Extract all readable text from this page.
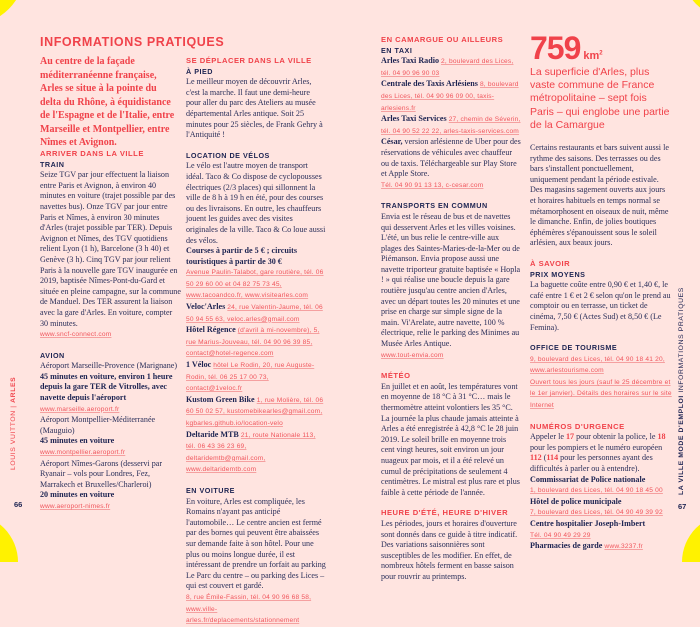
INFORMATIONS PRATIQUES
Au centre de la façade méditerranéenne française, Arles se situe à la pointe du delta du Rhône, à équidistance de l'Espagne et de l'Italie, entre Marseille et Montpellier, entre Nîmes et Avignon.

ARRIVER DANS LA VILLE

TRAIN

Seize TGV par jour effectuent la liaison entre Paris et Avignon, à environ 40 minutes en voiture (trajet possible par des navettes bus). Onze TGV par jour entre Paris et Nîmes, à environ 30 minutes d'Arles (trajet possible par TER). Depuis Avignon et Nîmes, des TGV quotidiens relient Lyon (1 h), Barcelone (3 h 40) et Genève (3 h). Cinq TGV par jour relient Paris à la nouvelle gare TGV inaugurée en 2019, baptisée Nîmes-Pont-du-Gard et située en pleine campagne, sur la commune de Manduel. Des TER assurent la liaison avec la gare d'Arles. En voiture, compter 30 minutes.

www.sncf-connect.com

AVION

Aéroport Marseille-Provence (Marignane)

45 minutes en voiture, environ 1 heure depuis la gare TER de Vitrolles, avec navette depuis l'aéroport

www.marseille.aeroport.fr

Aéroport Montpellier-Méditerranée (Mauguio)

45 minutes en voiture

www.montpellier.aeroport.fr

Aéroport Nîmes-Garons (desservi par Ryanair – vols pour Londres, Fez, Marrakech et Bruxelles/Charleroi)

20 minutes en voiture

www.aeroport-nimes.fr

SE DÉPLACER DANS LA VILLE

À PIED

Le meilleur moyen de découvrir Arles, c'est la marche. Il faut une demi-heure pour aller du parc des Ateliers au musée départemental Arles antique. Soit 25 minutes pour 25 siècles, de Frank Gehry à l'Antiquité !

LOCATION DE VÉLOS

Le vélo est l'autre moyen de transport idéal. Taco & Co dispose de cyclopousses électriques (2/3 places) qui sillonnent la ville de 8 h à 19 h en été, pour des courses ou des livraisons. En outre, les chauffeurs jouent les guides avec des visites originales de la ville. Taco & Co loue aussi des vélos.

Courses à partir de 5 € ; circuits touristiques à partir de 30 €

Avenue Paulin-Talabot, gare routière, tél. 06 50 29 60 00 et 04 82 75 73 45, www.tacoandco.fr, www.visitearles.com

Veloc'Arles 24, rue Valentin-Jaume, tél. 06 50 94 55 63, veloc.arles@gmail.com

Hôtel Régence (d'avril à mi-novembre), 5, rue Marius-Jouveau, tél. 04 90 96 39 85, contact@hotel-regence.com

1 Véloc hôtel Le Rodin, 20, rue Auguste-Rodin, tél. 06 25 17 00 73, contact@1veloc.fr

Kustom Green Bike 1, rue Molière, tél. 06 60 50 02 57, kustomebikearles@gmail.com, kgbarles.github.io/location-velo

Deltaride MTB 21, route Nationale 113, tél. 06 43 36 23 69, deltaridemtb@gmail.com, www.deltaridemtb.com

EN VOITURE

En voiture, Arles est compliquée, les Romains n'ayant pas anticipé l'automobile… Le centre ancien est fermé par des bornes qui peuvent être abaissées sur demande faite à son hôtel. Pour une plus ou moins longue durée, il est intéressant de prendre un forfait au parking Le Parc du centre – ou parking des Lices – qui est couvert et gardé.

8, rue Émile-Fassin, tél. 04 90 96 68 58, www.ville-arles.fr/deplacements/stationnement

LOUIS VUITTON | ARLES
66

EN CAMARGUE OU AILLEURS

EN TAXI

Arles Taxi Radio 2, boulevard des Lices, tél. 04 90 96 90 03

Centrale des Taxis Arlésiens 8, boulevard des Lices, tél. 04 90 96 09 00, taxis-arlesiens.fr

Arles Taxi Services 27, chemin de Séverin, tél. 04 90 52 22 22, arles-taxis-services.com

César, version arlésienne de Uber pour des réservations de véhicules avec chauffeur ou de taxis. Téléchargeable sur Play Store et Apple Store.

Tél. 04 90 91 13 13, c-cesar.com

TRANSPORTS EN COMMUN

Envia est le réseau de bus et de navettes qui desservent Arles et les villes voisines. L'été, un bus relie le centre-ville aux plages des Saintes-Maries-de-la-Mer ou de Piémanson. Envia propose aussi une navette triporteur gratuite baptisée « Hopla ! » qui réalise une boucle depuis la gare routière jusqu'au centre ancien d'Arles, avec un départ toutes les 20 minutes et une prise en charge sur simple signe de la main. Vi'Arelate, autre navette, 100 % électrique, relie le parking des Minimes au Musée Arles Antique.

www.tout-envia.com

MÉTÉO

En juillet et en août, les températures vont en moyenne de 18 °C à 31 °C… mais le thermomètre atteint volontiers les 35 °C. La journée la plus chaude jamais atteinte à Arles a été enregistrée à 42,8 °C le 28 juin 2019. Le soleil brille en moyenne trois cent vingt heures, soit environ un jour nuageux par mois, et il a été relevé un cumul de précipitations de seulement 4 centimètres. Le mistral est plus rare et plus faible à cette période de l'année.

HEURE D'ÉTÉ, HEURE D'HIVER

Les périodes, jours et horaires d'ouverture sont donnés dans ce guide à titre indicatif. Des variations saisonnières sont susceptibles de les modifier. En effet, de nombreux hôtels ferment en basse saison pour rouvrir au printemps.

759 $km^2$
La superficie d'Arles, plus vaste commune de France métropolitaine – sept fois Paris – qui englobe une partie de la Camargue

Certains restaurants et bars suivent aussi le rythme des saisons. Des terrasses ou des bars s'installent ponctuellement, uniquement pendant la période estivale. Des magasins sagement ouverts aux jours et horaires habituels en temps normal se métamorphosent en oiseaux de nuit, même le dimanche. Enfin, de jolies boutiques éphémères s'épanouissent sous le soleil arlésien, aux beaux jours.

À SAVOIR

PRIX MOYENS

La baguette coûte entre 0,90 € et 1,40 €, le café entre 1 € et 2 € selon qu'on le prend au comptoir ou en terrasse, un ticket de cinéma, 7,50 € (Actes Sud) et 8,50 € (Le Femina).

OFFICE DE TOURISME

9, boulevard des Lices, tél. 04 90 18 41 20, www.arlestourisme.com

Ouvert tous les jours (sauf le 25 décembre et le 1er janvier). Détails des horaires sur le site Internet

NUMÉROS D'URGENCE

Appeler le 17 pour obtenir la police, le 18 pour les pompiers et le numéro européen 112 (114 pour les personnes ayant des difficultés à parler ou à entendre).

Commissariat de Police nationale

1, boulevard des Lices, tél. 04 90 18 45 00

Hôtel de police municipale

7, boulevard des Lices, tél. 04 90 49 39 92

Centre hospitalier Joseph-Imbert

Tél. 04 90 49 29 29

Pharmacies de garde www.3237.fr

LA VILLE MODE D'EMPLOI INFORMATIONS PRATIQUES
67
